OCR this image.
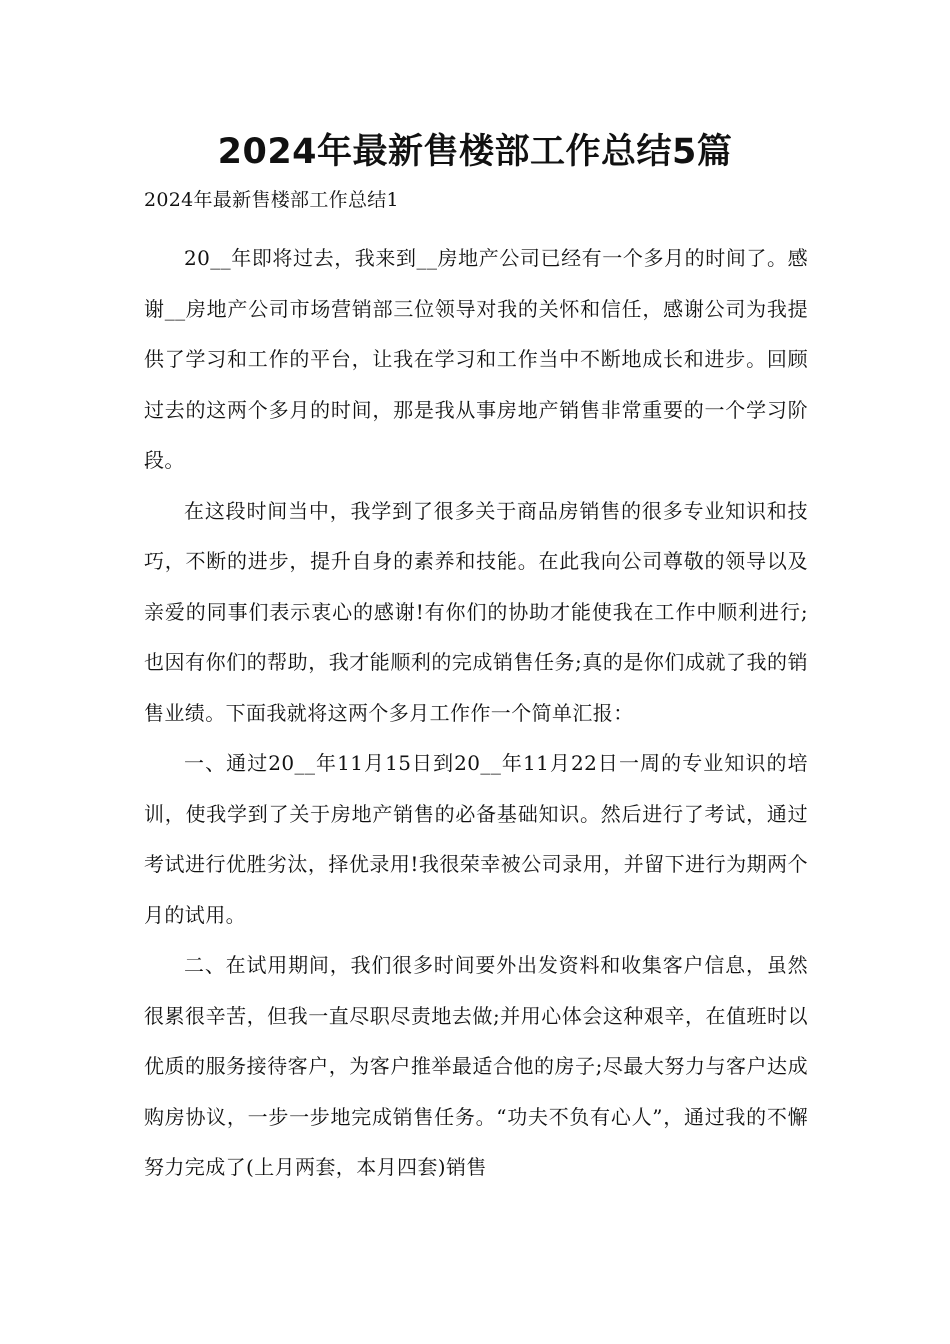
2024年最新售楼部工作总结5篇

2024年最新售楼部工作总结1

20__年即将过去，我来到__房地产公司已经有一个多月的时间了。感谢__房地产公司市场营销部三位领导对我的关怀和信任，感谢公司为我提供了学习和工作的平台，让我在学习和工作当中不断地成长和进步。回顾过去的这两个多月的时间，那是我从事房地产销售非常重要的一个学习阶段。

在这段时间当中，我学到了很多关于商品房销售的很多专业知识和技巧，不断的进步，提升自身的素养和技能。在此我向公司尊敬的领导以及亲爱的同事们表示衷心的感谢!有你们的协助才能使我在工作中顺利进行;也因有你们的帮助，我才能顺利的完成销售任务;真的是你们成就了我的销售业绩。下面我就将这两个多月工作作一个简单汇报：

一、通过20__年11月15日到20__年11月22日一周的专业知识的培训，使我学到了关于房地产销售的必备基础知识。然后进行了考试，通过考试进行优胜劣汰，择优录用!我很荣幸被公司录用，并留下进行为期两个月的试用。

二、在试用期间，我们很多时间要外出发资料和收集客户信息，虽然很累很辛苦，但我一直尽职尽责地去做;并用心体会这种艰辛，在值班时以优质的服务接待客户，为客户推举最适合他的房子;尽最大努力与客户达成购房协议，一步一步地完成销售任务。“功夫不负有心人”，通过我的不懈努力完成了(上月两套，本月四套)销售
